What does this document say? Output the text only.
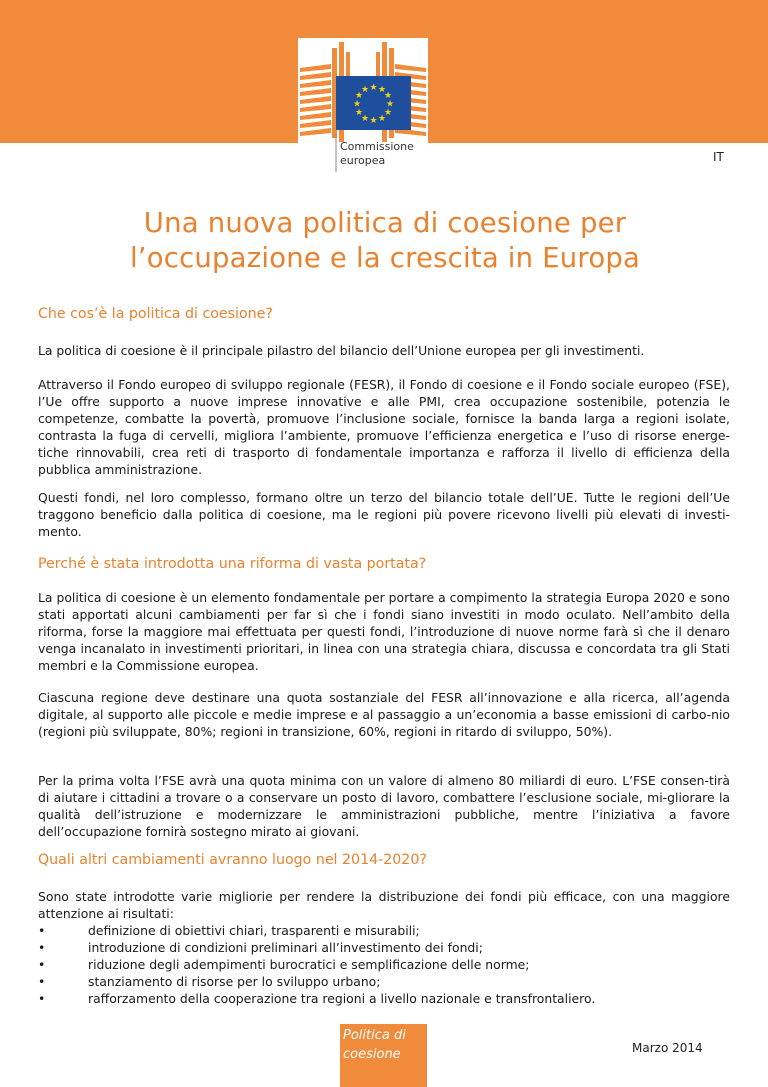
★ ★
★
★
★
★
★
★
★
★
★
★
Commissione
europea	IT
Una nuova politica di coesione per
l’occupazione e la crescita in Europa
Che cos’è la politica di coesione?

La politica di coesione è il principale pilastro del bilancio dell’Unione europea per gli investimenti.

Attraverso il Fondo europeo di sviluppo regionale (FESR), il Fondo di coesione e il Fondo sociale europeo (FSE), l’Ue offre supporto a nuove imprese innovative e alle PMI, crea occupazione sostenibile, potenzia le competenze, combatte la povertà, promuove l’inclusione sociale, fornisce la banda larga a regioni isolate, contrasta la fuga di cervelli, migliora l’ambiente, promuove l’efficienza energetica e l’uso di risorse energe-tiche rinnovabili, crea reti di trasporto di fondamentale importanza e rafforza il livello di efficienza della pubblica amministrazione.

Questi fondi, nel loro complesso, formano oltre un terzo del bilancio totale dell’UE. Tutte le regioni dell’Ue traggono beneficio dalla politica di coesione, ma le regioni più povere ricevono livelli più elevati di investi-mento.

Perché è stata introdotta una riforma di vasta portata?

La politica di coesione è un elemento fondamentale per portare a compimento la strategia Europa 2020 e sono stati apportati alcuni cambiamenti per far sì che i fondi siano investiti in modo oculato. Nell’ambito della riforma, forse la maggiore mai effettuata per questi fondi, l’introduzione di nuove norme farà sì che il denaro venga incanalato in investimenti prioritari, in linea con una strategia chiara, discussa e concordata tra gli Stati membri e la Commissione europea.

Ciascuna regione deve destinare una quota sostanziale del FESR all’innovazione e alla ricerca, all’agenda digitale, al supporto alle piccole e medie imprese e al passaggio a un’economia a basse emissioni di carbo-nio (regioni più sviluppate, 80%; regioni in transizione, 60%, regioni in ritardo di sviluppo, 50%).

Per la prima volta l’FSE avrà una quota minima con un valore di almeno 80 miliardi di euro. L’FSE consen-tirà di aiutare i cittadini a trovare o a conservare un posto di lavoro, combattere l’esclusione sociale, mi-gliorare la qualità dell’istruzione e modernizzare le amministrazioni pubbliche, mentre l’iniziativa a favore dell’occupazione fornirà sostegno mirato ai giovani.

Quali altri cambiamenti avranno luogo nel 2014-2020?

Sono state introdotte varie migliorie per rendere la distribuzione dei fondi più efficace, con una maggiore attenzione ai risultati:

•	definizione di obiettivi chiari, trasparenti e misurabili;
•	introduzione di condizioni preliminari all’investimento dei fondi;
•	riduzione degli adempimenti burocratici e semplificazione delle norme;
•	stanziamento di risorse per lo sviluppo urbano;
•	rafforzamento della cooperazione tra regioni a livello nazionale e transfrontaliero.
Politica di
coesione	Marzo 2014
